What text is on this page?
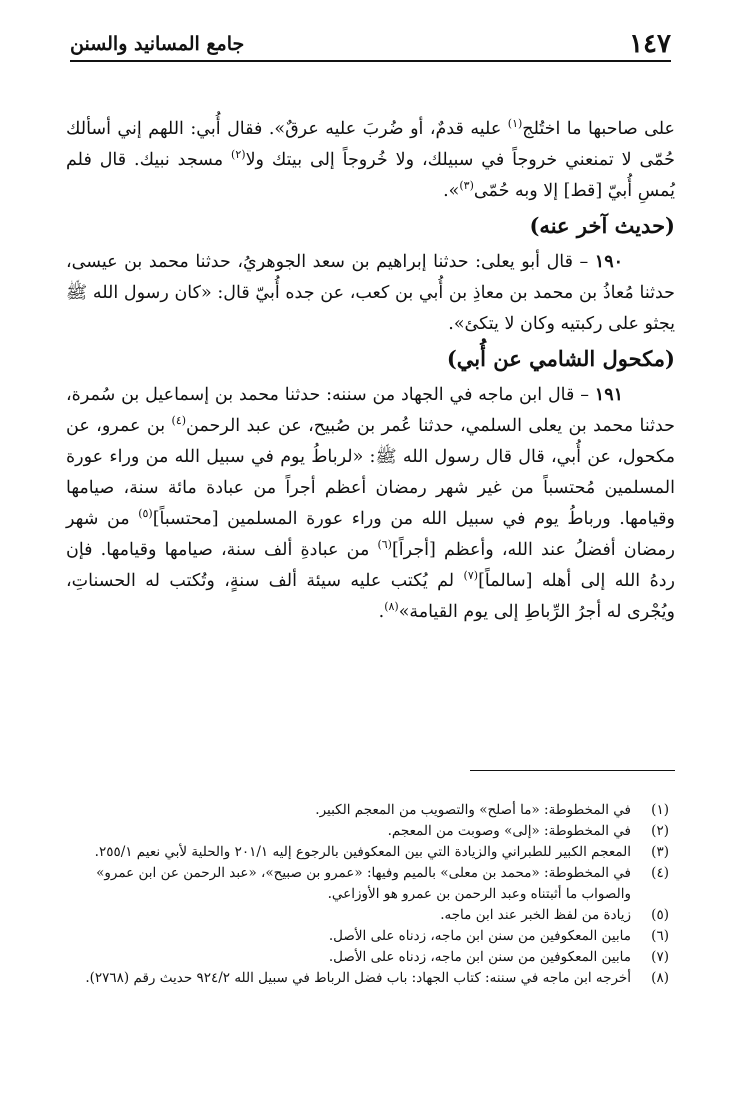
١٤٧
جامع المسانيد والسنن

على صاحبها ما اختُلج$^{(١)}$ عليه قدمٌ، أو ضُربَ عليه عرقٌ». فقال أُبي: اللهم إني أسألك حُمّى لا تمنعني خروجاً في سبيلك، ولا خُروجاً إلى بيتك ولا$^{(٢)}$ مسجد نبيك. قال فلم يُمسِ أُبيّ [قط] إلا وبه حُمّى$^{(٣)}$».

(حديث آخر عنه)

١٩٠ – قال أبو يعلى: حدثنا إبراهيم بن سعد الجوهريُ، حدثنا محمد بن عيسى، حدثنا مُعاذُ بن محمد بن معاذِ بن أُبي بن كعب، عن جده أُبيّ قال: «كان رسول الله ﷺ يجثو على ركبتيه وكان لا يتكئ».

(مكحول الشامي عن أُبي)

١٩١ – قال ابن ماجه في الجهاد من سننه: حدثنا محمد بن إسماعيل بن سُمرة، حدثنا محمد بن يعلى السلمي، حدثنا عُمر بن صُبيح، عن عبد الرحمن$^{(٤)}$ بن عمرو، عن مكحول، عن أُبي، قال قال رسول الله ﷺ: «لرباطُ يوم في سبيل الله من وراء عورة المسلمين مُحتسباً من غير شهر رمضان أعظم أجراً من عبادة مائة سنة، صيامها وقيامها. ورباطُ يوم في سبيل الله من وراء عورة المسلمين [محتسباً]$^{(٥)}$ من شهر رمضان أفضلُ عند الله، وأعظم [أجراً]$^{(٦)}$ من عبادةِ ألف سنة، صيامها وقيامها. فإن ردهُ الله إلى أهله [سالماً]$^{(٧)}$ لم يُكتب عليه سيئة ألف سنةٍ، وتُكتب له الحسناتِ، ويُجْرى له أجرُ الرِّباطِ إلى يوم القيامة»$^{(٨)}$.

(١)
في المخطوطة: «ما أصلح» والتصويب من المعجم الكبير.
(٢)
في المخطوطة: «إلى» وصوبت من المعجم.
(٣)
المعجم الكبير للطبراني والزيادة التي بين المعكوفين بالرجوع إليه ٢٠١/١ والحلية لأبي نعيم ٢٥٥/١.
(٤)
في المخطوطة: «محمد بن معلى» بالميم وفيها: «عمرو بن صبيح»، «عبد الرحمن عن ابن عمرو» والصواب ما أثبتناه وعبد الرحمن بن عمرو هو الأوزاعي.
(٥)
زيادة من لفظ الخبر عند ابن ماجه.
(٦)
مابين المعكوفين من سنن ابن ماجه، زدناه على الأصل.
(٧)
مابين المعكوفين من سنن ابن ماجه، زدناه على الأصل.
(٨)
أخرجه ابن ماجه في سننه: كتاب الجهاد: باب فضل الرباط في سبيل الله ٩٢٤/٢ حديث رقم (٢٧٦٨).
